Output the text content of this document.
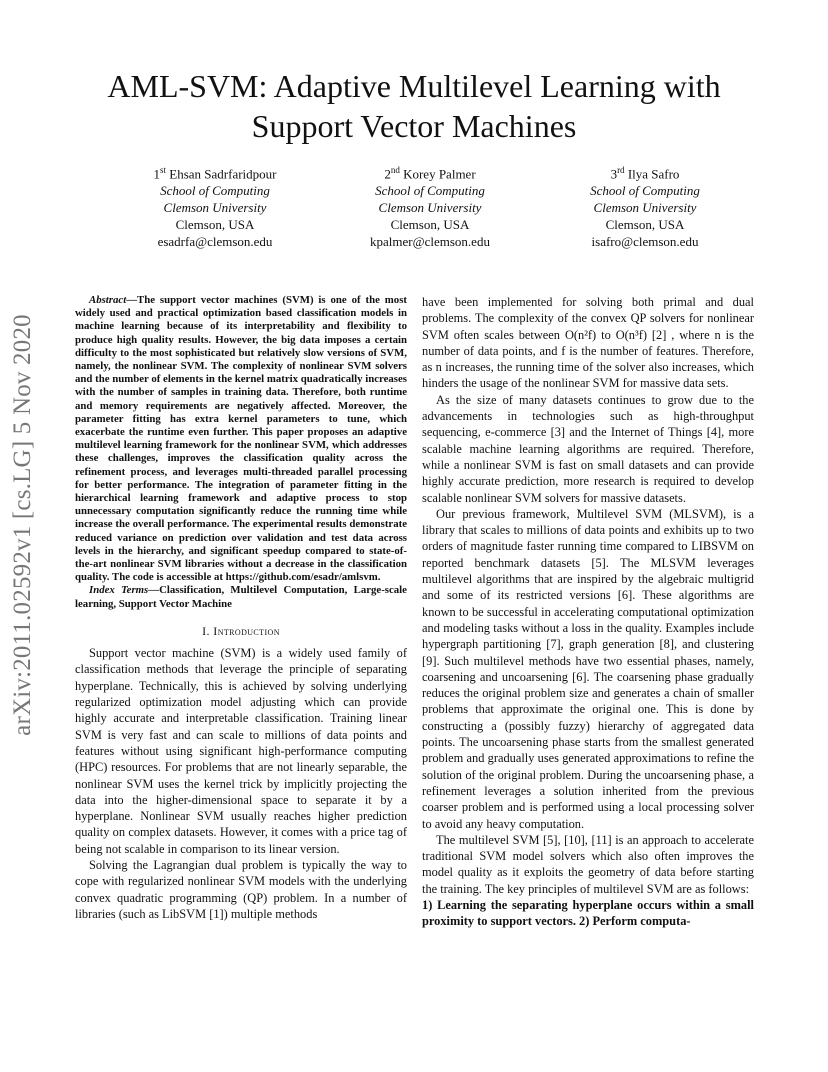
arXiv:2011.02592v1 [cs.LG] 5 Nov 2020
AML-SVM: Adaptive Multilevel Learning with
Support Vector Machines
1st Ehsan Sadrfaridpour
School of Computing
Clemson University
Clemson, USA
esadrfa@clemson.edu
2nd Korey Palmer
School of Computing
Clemson University
Clemson, USA
kpalmer@clemson.edu
3rd Ilya Safro
School of Computing
Clemson University
Clemson, USA
isafro@clemson.edu

Abstract—The support vector machines (SVM) is one of the most widely used and practical optimization based classification models in machine learning because of its interpretability and flexibility to produce high quality results. However, the big data imposes a certain difficulty to the most sophisticated but relatively slow versions of SVM, namely, the nonlinear SVM. The complexity of nonlinear SVM solvers and the number of elements in the kernel matrix quadratically increases with the number of samples in training data. Therefore, both runtime and memory requirements are negatively affected. Moreover, the parameter fitting has extra kernel parameters to tune, which exacerbate the runtime even further. This paper proposes an adaptive multilevel learning framework for the nonlinear SVM, which addresses these challenges, improves the classification quality across the refinement process, and leverages multi-threaded parallel processing for better performance. The integration of parameter fitting in the hierarchical learning framework and adaptive process to stop unnecessary computation significantly reduce the running time while increase the overall performance. The experimental results demonstrate reduced variance on prediction over validation and test data across levels in the hierarchy, and significant speedup compared to state-of-the-art nonlinear SVM libraries without a decrease in the classification quality. The code is accessible at https://github.com/esadr/amlsvm.

Index Terms—Classification, Multilevel Computation, Large-scale learning, Support Vector Machine

I. Introduction

Support vector machine (SVM) is a widely used family of classification methods that leverage the principle of separating hyperplane. Technically, this is achieved by solving underlying regularized optimization model adjusting which can provide highly accurate and interpretable classification. Training linear SVM is very fast and can scale to millions of data points and features without using significant high-performance computing (HPC) resources. For problems that are not linearly separable, the nonlinear SVM uses the kernel trick by implicitly projecting the data into the higher-dimensional space to separate it by a hyperplane. Nonlinear SVM usually reaches higher prediction quality on complex datasets. However, it comes with a price tag of being not scalable in comparison to its linear version.

Solving the Lagrangian dual problem is typically the way to cope with regularized nonlinear SVM models with the underlying convex quadratic programming (QP) problem. In a number of libraries (such as LibSVM [1]) multiple methods

have been implemented for solving both primal and dual problems. The complexity of the convex QP solvers for nonlinear SVM often scales between O(n²f) to O(n³f) [2] , where n is the number of data points, and f is the number of features. Therefore, as n increases, the running time of the solver also increases, which hinders the usage of the nonlinear SVM for massive data sets.

As the size of many datasets continues to grow due to the advancements in technologies such as high-throughput sequencing, e-commerce [3] and the Internet of Things [4], more scalable machine learning algorithms are required. Therefore, while a nonlinear SVM is fast on small datasets and can provide highly accurate prediction, more research is required to develop scalable nonlinear SVM solvers for massive datasets.

Our previous framework, Multilevel SVM (MLSVM), is a library that scales to millions of data points and exhibits up to two orders of magnitude faster running time compared to LIBSVM on reported benchmark datasets [5]. The MLSVM leverages multilevel algorithms that are inspired by the algebraic multigrid and some of its restricted versions [6]. These algorithms are known to be successful in accelerating computational optimization and modeling tasks without a loss in the quality. Examples include hypergraph partitioning [7], graph generation [8], and clustering [9]. Such multilevel methods have two essential phases, namely, coarsening and uncoarsening [6]. The coarsening phase gradually reduces the original problem size and generates a chain of smaller problems that approximate the original one. This is done by constructing a (possibly fuzzy) hierarchy of aggregated data points. The uncoarsening phase starts from the smallest generated problem and gradually uses generated approximations to refine the solution of the original problem. During the uncoarsening phase, a refinement leverages a solution inherited from the previous coarser problem and is performed using a local processing solver to avoid any heavy computation.

The multilevel SVM [5], [10], [11] is an approach to accelerate traditional SVM model solvers which also often improves the model quality as it exploits the geometry of data before starting the training. The key principles of multilevel SVM are as follows:

1) Learning the separating hyperplane occurs within a small proximity to support vectors. 2) Perform computa-
